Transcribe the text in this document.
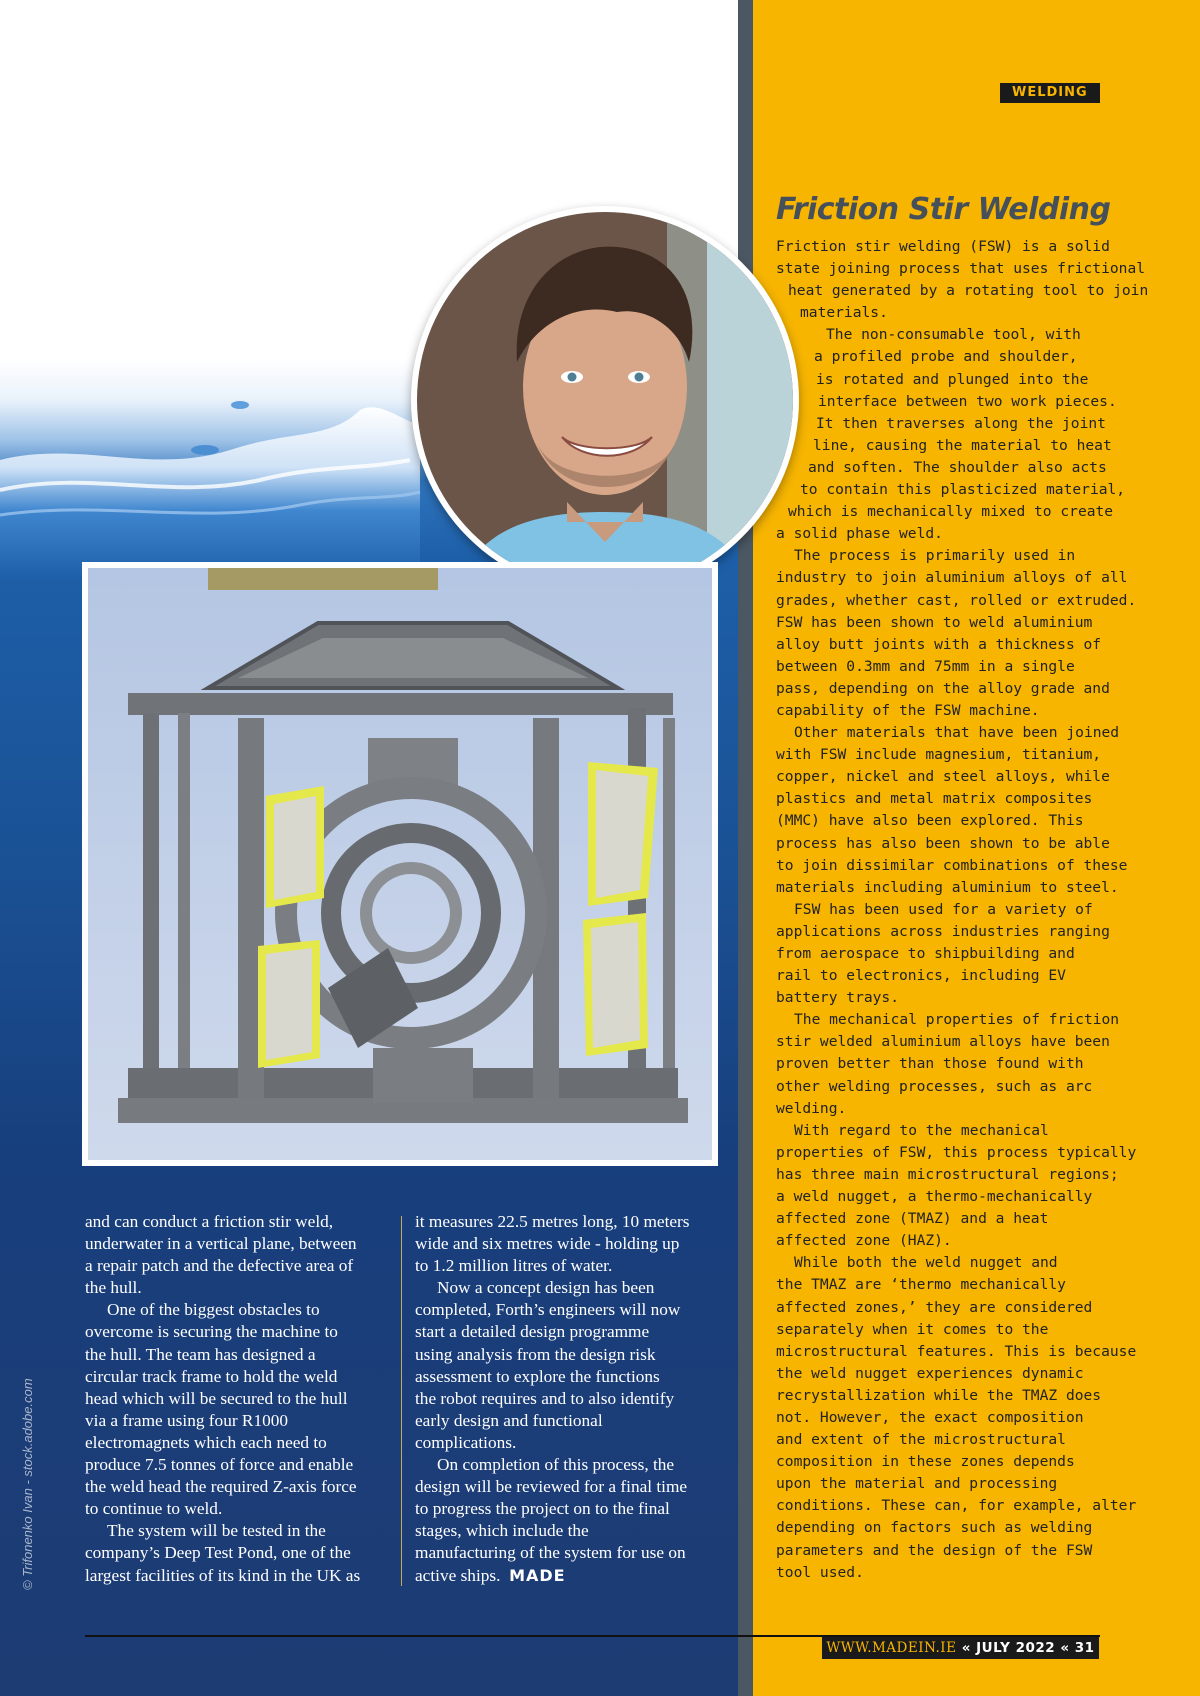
WELDING
↩
Friction Stir Welding
Friction stir welding (FSW) is a solid
state joining process that uses frictional
heat generated by a rotating tool to join
materials.
The non-consumable tool, with
a profiled probe and shoulder,
is rotated and plunged into the
interface between two work pieces.
It then traverses along the joint
line, causing the material to heat
and soften. The shoulder also acts
to contain this plasticized material,
which is mechanically mixed to create
a solid phase weld.
The process is primarily used in
industry to join aluminium alloys of all
grades, whether cast, rolled or extruded.
FSW has been shown to weld aluminium
alloy butt joints with a thickness of
between 0.3mm and 75mm in a single
pass, depending on the alloy grade and
capability of the FSW machine.
Other materials that have been joined
with FSW include magnesium, titanium,
copper, nickel and steel alloys, while
plastics and metal matrix composites
(MMC) have also been explored. This
process has also been shown to be able
to join dissimilar combinations of these
materials including aluminium to steel.
FSW has been used for a variety of
applications across industries ranging
from aerospace to shipbuilding and
rail to electronics, including EV
battery trays.
The mechanical properties of friction
stir welded aluminium alloys have been
proven better than those found with
other welding processes, such as arc
welding.
With regard to the mechanical
properties of FSW, this process typically
has three main microstructural regions;
a weld nugget, a thermo-mechanically
affected zone (TMAZ) and a heat
affected zone (HAZ).
While both the weld nugget and
the TMAZ are ‘thermo mechanically
affected zones,’ they are considered
separately when it comes to the
microstructural features. This is because
the weld nugget experiences dynamic
recrystallization while the TMAZ does
not. However, the exact composition
and extent of the microstructural
composition in these zones depends
upon the material and processing
conditions. These can, for example, alter
depending on factors such as welding
parameters and the design of the FSW
tool used.
and can conduct a friction stir weld,
underwater in a vertical plane, between
a repair patch and the defective area of
the hull.
One of the biggest obstacles to
overcome is securing the machine to
the hull. The team has designed a
circular track frame to hold the weld
head which will be secured to the hull
via a frame using four R1000
electromagnets which each need to
produce 7.5 tonnes of force and enable
the weld head the required Z-axis force
to continue to weld.
The system will be tested in the
company’s Deep Test Pond, one of the
largest facilities of its kind in the UK as
it measures 22.5 metres long, 10 meters
wide and six metres wide - holding up
to 1.2 million litres of water.
Now a concept design has been
completed, Forth’s engineers will now
start a detailed design programme
using analysis from the design risk
assessment to explore the functions
the robot requires and to also identify
early design and functional
complications.
On completion of this process, the
design will be reviewed for a final time
to progress the project on to the final
stages, which include the
manufacturing of the system for use on
active ships. MADE
© Trifonenko Ivan - stock.adobe.com
WWW.MADEIN.IE « JULY 2022 « 31
